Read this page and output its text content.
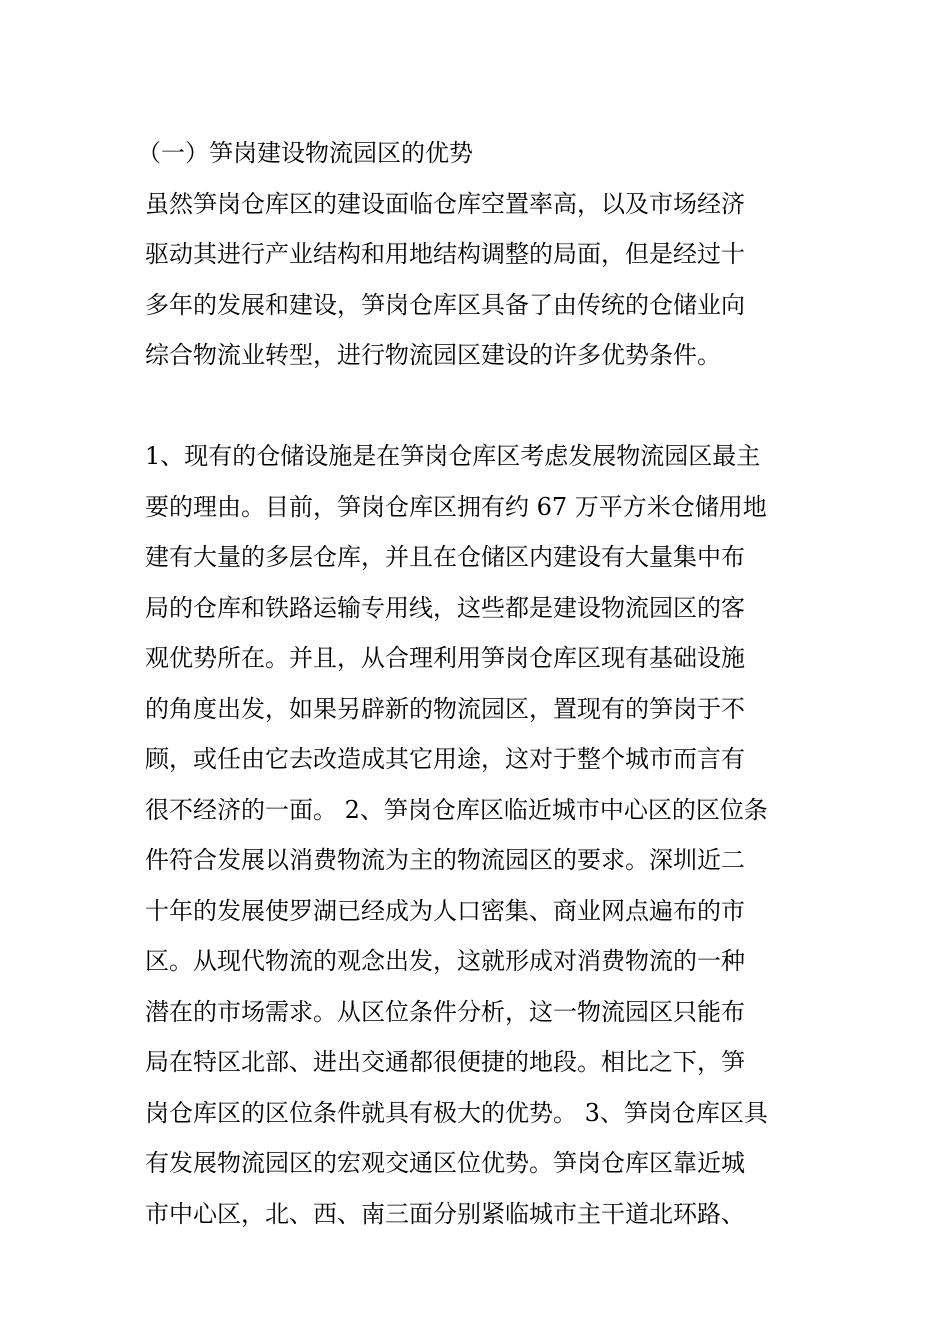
（一）笋岗建设物流园区的优势
虽然笋岗仓库区的建设面临仓库空置率高，以及市场经济
驱动其进行产业结构和用地结构调整的局面，但是经过十
多年的发展和建设，笋岗仓库区具备了由传统的仓储业向
综合物流业转型，进行物流园区建设的许多优势条件。
1、现有的仓储设施是在笋岗仓库区考虑发展物流园区最主
要的理由。目前，笋岗仓库区拥有约 67 万平方米仓储用地
建有大量的多层仓库，并且在仓储区内建设有大量集中布
局的仓库和铁路运输专用线，这些都是建设物流园区的客
观优势所在。并且，从合理利用笋岗仓库区现有基础设施
的角度出发，如果另辟新的物流园区，置现有的笋岗于不
顾，或任由它去改造成其它用途，这对于整个城市而言有
很不经济的一面。 2、笋岗仓库区临近城市中心区的区位条
件符合发展以消费物流为主的物流园区的要求。深圳近二
十年的发展使罗湖已经成为人口密集、商业网点遍布的市
区。从现代物流的观念出发，这就形成对消费物流的一种
潜在的市场需求。从区位条件分析，这一物流园区只能布
局在特区北部、进出交通都很便捷的地段。相比之下，笋
岗仓库区的区位条件就具有极大的优势。 3、笋岗仓库区具
有发展物流园区的宏观交通区位优势。笋岗仓库区靠近城
市中心区，北、西、南三面分别紧临城市主干道北环路、
